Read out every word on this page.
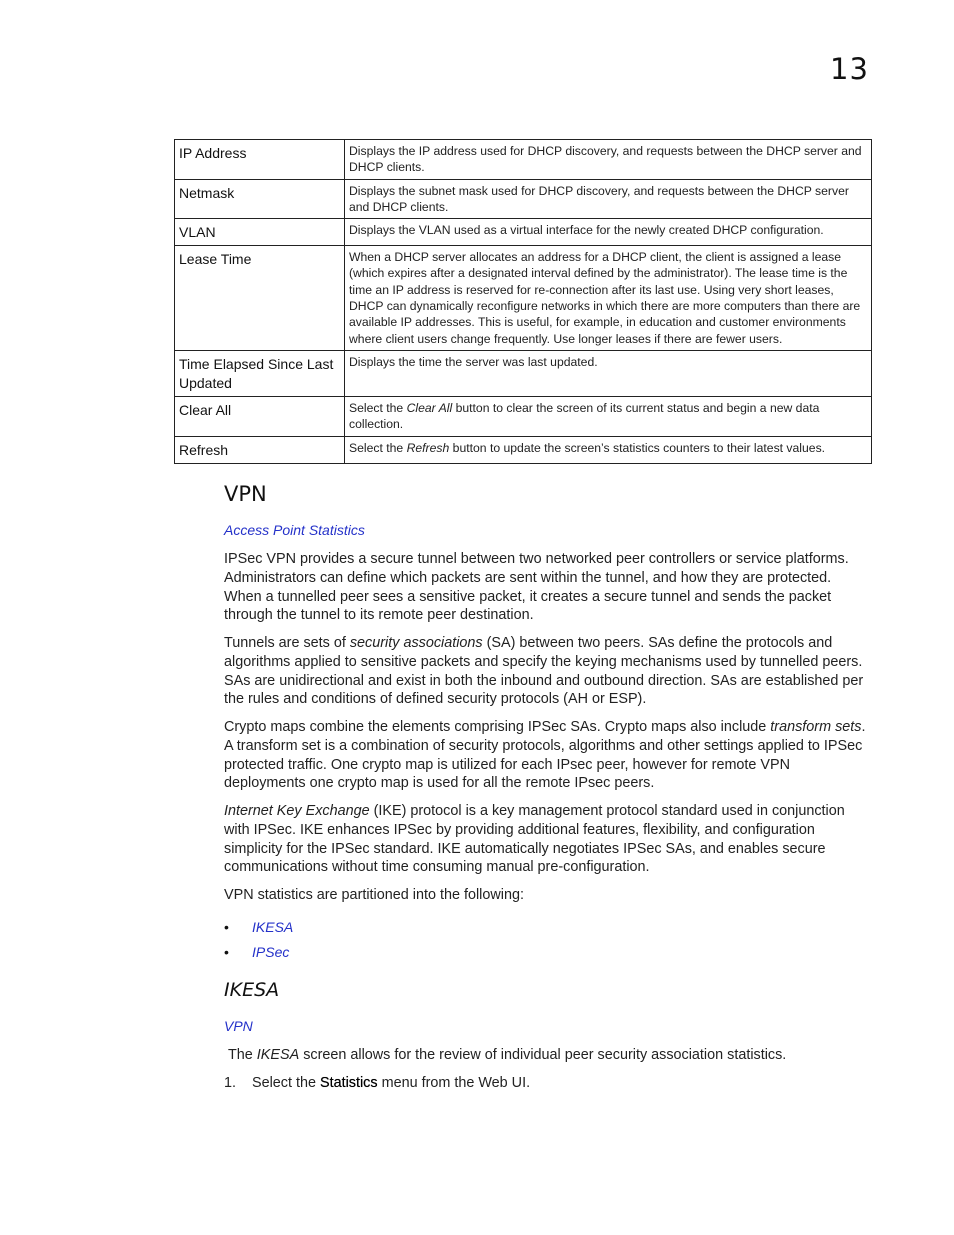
13
IP Address	Displays the IP address used for DHCP discovery, and requests between the DHCP server and DHCP clients.
Netmask	Displays the subnet mask used for DHCP discovery, and requests between the DHCP server and DHCP clients.
VLAN	Displays the VLAN used as a virtual interface for the newly created DHCP configuration.
Lease Time	When a DHCP server allocates an address for a DHCP client, the client is assigned a lease (which expires after a designated interval defined by the administrator). The lease time is the time an IP address is reserved for re-connection after its last use. Using very short leases, DHCP can dynamically reconfigure networks in which there are more computers than there are available IP addresses. This is useful, for example, in education and customer environments where client users change frequently. Use longer leases if there are fewer users.
Time Elapsed Since Last Updated	Displays the time the server was last updated.
Clear All	Select the Clear All button to clear the screen of its current status and begin a new data collection.
Refresh	Select the Refresh button to update the screen’s statistics counters to their latest values.
VPN
Access Point Statistics

IPSec VPN provides a secure tunnel between two networked peer controllers or service platforms. Administrators can define which packets are sent within the tunnel, and how they are protected. When a tunnelled peer sees a sensitive packet, it creates a secure tunnel and sends the packet through the tunnel to its remote peer destination.

Tunnels are sets of security associations (SA) between two peers. SAs define the protocols and algorithms applied to sensitive packets and specify the keying mechanisms used by tunnelled peers. SAs are unidirectional and exist in both the inbound and outbound direction. SAs are established per the rules and conditions of defined security protocols (AH or ESP).

Crypto maps combine the elements comprising IPSec SAs. Crypto maps also include transform sets. A transform set is a combination of security protocols, algorithms and other settings applied to IPSec protected traffic. One crypto map is utilized for each IPsec peer, however for remote VPN deployments one crypto map is used for all the remote IPsec peers.

Internet Key Exchange (IKE) protocol is a key management protocol standard used in conjunction with IPSec. IKE enhances IPSec by providing additional features, flexibility, and configuration simplicity for the IPSec standard. IKE automatically negotiates IPSec SAs, and enables secure communications without time consuming manual pre-configuration.

VPN statistics are partitioned into the following:

•	IKESA
•	IPSec
IKESA
VPN

The IKESA screen allows for the review of individual peer security association statistics.

1. Select the Statistics menu from the Web UI.
